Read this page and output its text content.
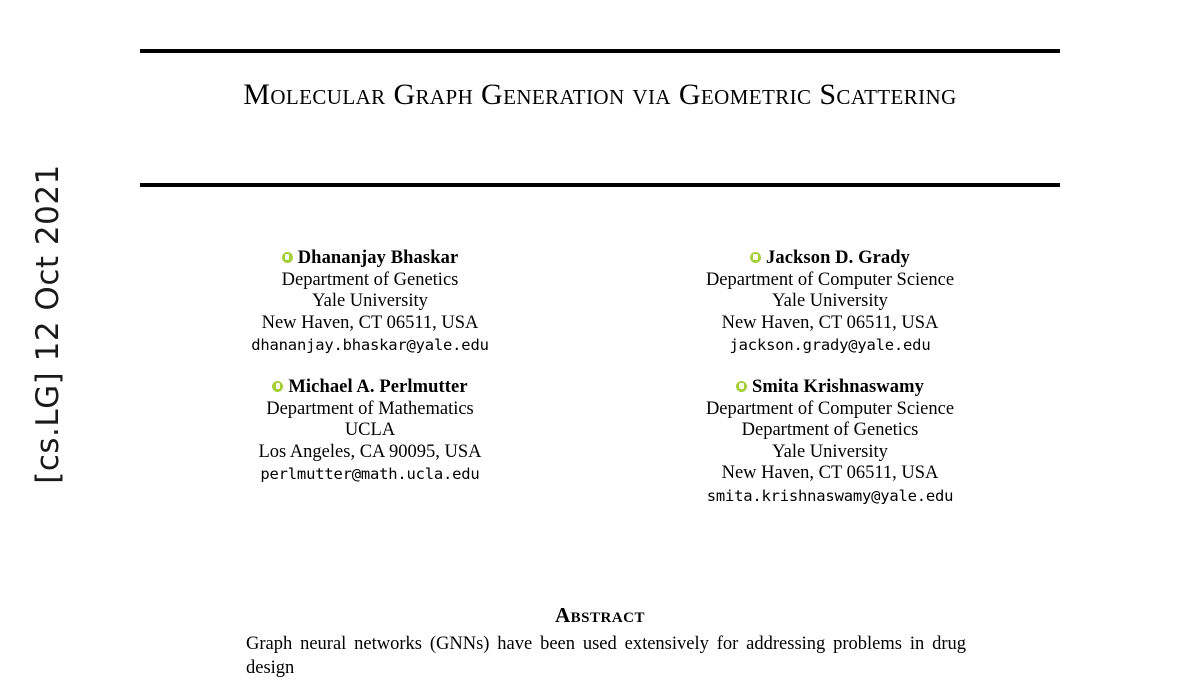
[cs.LG] 12 Oct 2021
Molecular Graph Generation via Geometric Scattering
Dhananjay Bhaskar
Department of Genetics
Yale University
New Haven, CT 06511, USA
dhananjay.bhaskar@yale.edu
Jackson D. Grady
Department of Computer Science
Yale University
New Haven, CT 06511, USA
jackson.grady@yale.edu
Michael A. Perlmutter
Department of Mathematics
UCLA
Los Angeles, CA 90095, USA
perlmutter@math.ucla.edu
Smita Krishnaswamy
Department of Computer Science
Department of Genetics
Yale University
New Haven, CT 06511, USA
smita.krishnaswamy@yale.edu
Abstract
Graph neural networks (GNNs) have been used extensively for addressing problems in drug design
